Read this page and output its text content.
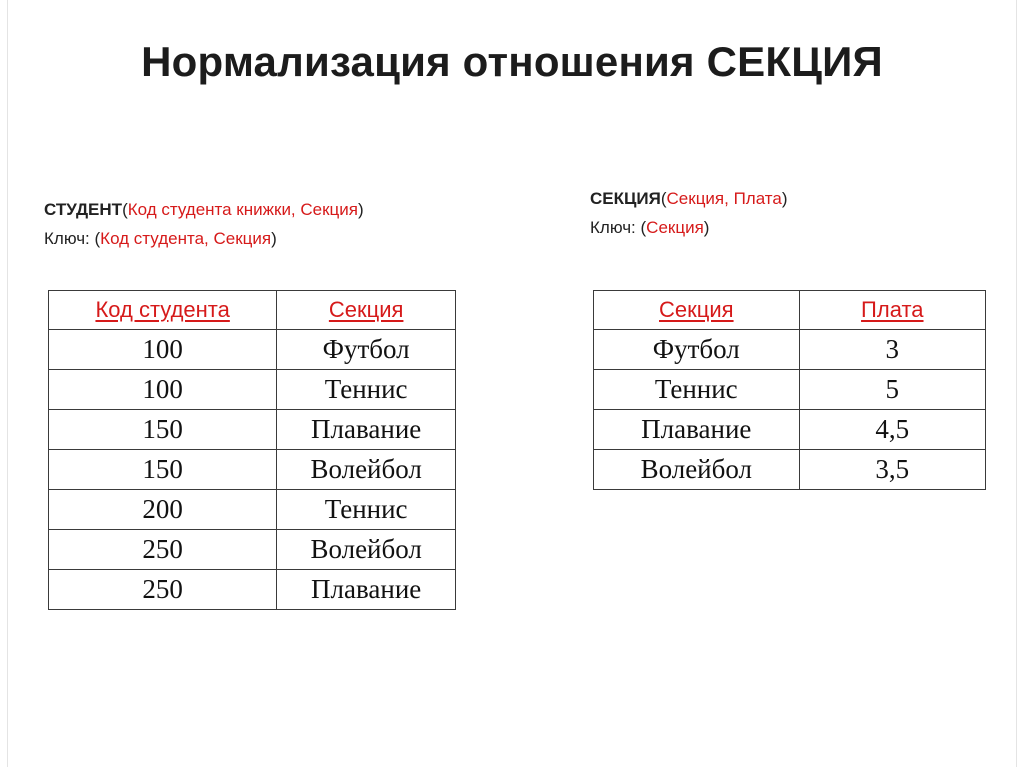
Нормализация отношения СЕКЦИЯ
СТУДЕНТ(Код студента книжки, Секция)
Ключ: (Код студента, Секция)
СЕКЦИЯ(Секция, Плата)
Ключ: (Секция)
Код студента	Секция
100	Футбол
100	Теннис
150	Плавание
150	Волейбол
200	Теннис
250	Волейбол
250	Плавание
Секция	Плата
Футбол	3
Теннис	5
Плавание	4,5
Волейбол	3,5
